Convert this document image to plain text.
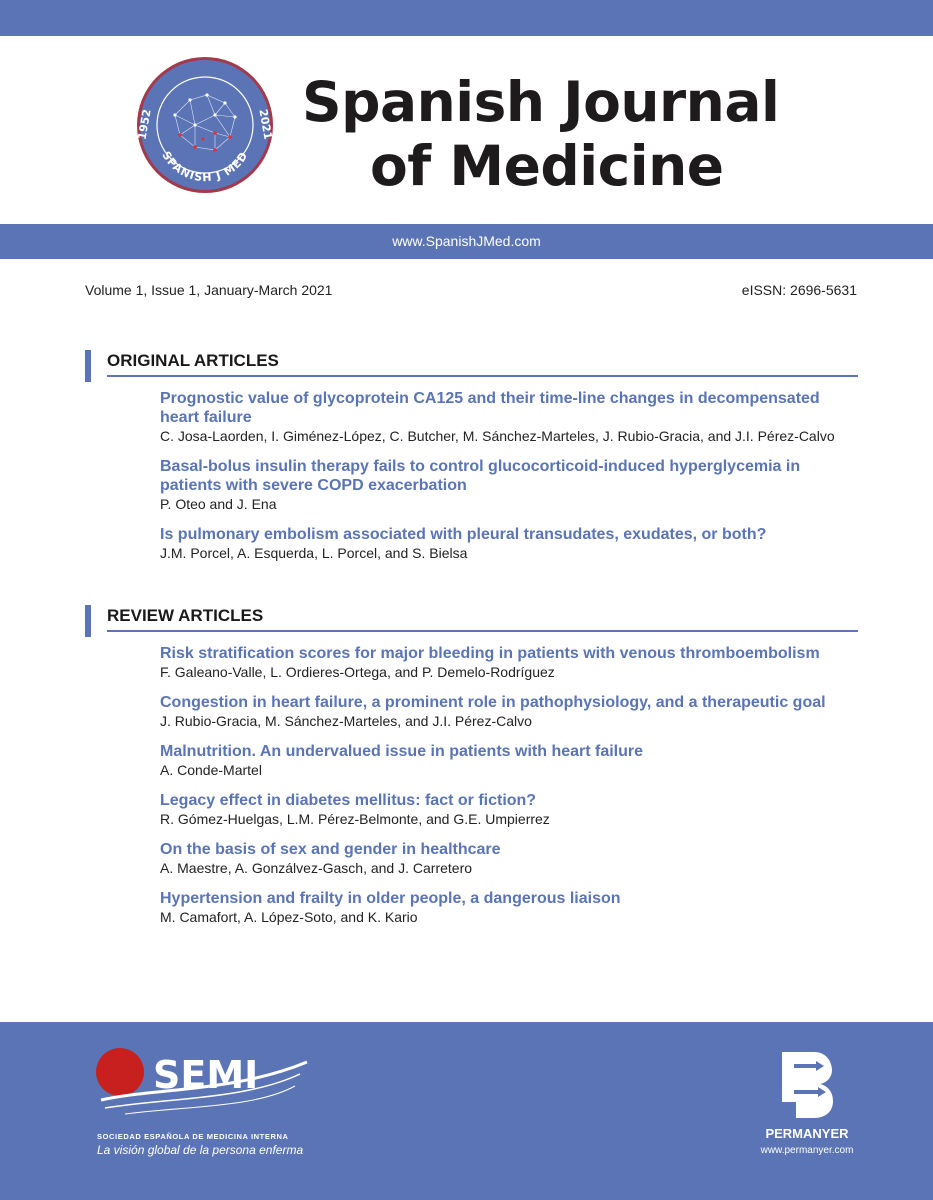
SPANISH J MED
1952	2021 Spanish Journal
of Medicine
www.SpanishJMed.com
Volume 1, Issue 1, January-March 2021	eISSN: 2696-5631
ORIGINAL ARTICLES
Prognostic value of glycoprotein CA125 and their time-line changes in decompensated heart failure
C. Josa-Laorden, I. Giménez-López, C. Butcher, M. Sánchez-Marteles, J. Rubio-Gracia, and J.I. Pérez-Calvo
Basal-bolus insulin therapy fails to control glucocorticoid-induced hyperglycemia in patients with severe COPD exacerbation
P. Oteo and J. Ena
Is pulmonary embolism associated with pleural transudates, exudates, or both?
J.M. Porcel, A. Esquerda, L. Porcel, and S. Bielsa
REVIEW ARTICLES
Risk stratification scores for major bleeding in patients with venous thromboembolism
F. Galeano-Valle, L. Ordieres-Ortega, and P. Demelo-Rodríguez
Congestion in heart failure, a prominent role in pathophysiology, and a therapeutic goal
J. Rubio-Gracia, M. Sánchez-Marteles, and J.I. Pérez-Calvo
Malnutrition. An undervalued issue in patients with heart failure
A. Conde-Martel
Legacy effect in diabetes mellitus: fact or fiction?
R. Gómez-Huelgas, L.M. Pérez-Belmonte, and G.E. Umpierrez
On the basis of sex and gender in healthcare
A. Maestre, A. Gonzálvez-Gasch, and J. Carretero
Hypertension and frailty in older people, a dangerous liaison
M. Camafort, A. López-Soto, and K. Kario
SEMI
SOCIEDAD ESPAÑOLA DE MEDICINA INTERNA
La visión global de la persona enferma
PERMANYER
www.permanyer.com
